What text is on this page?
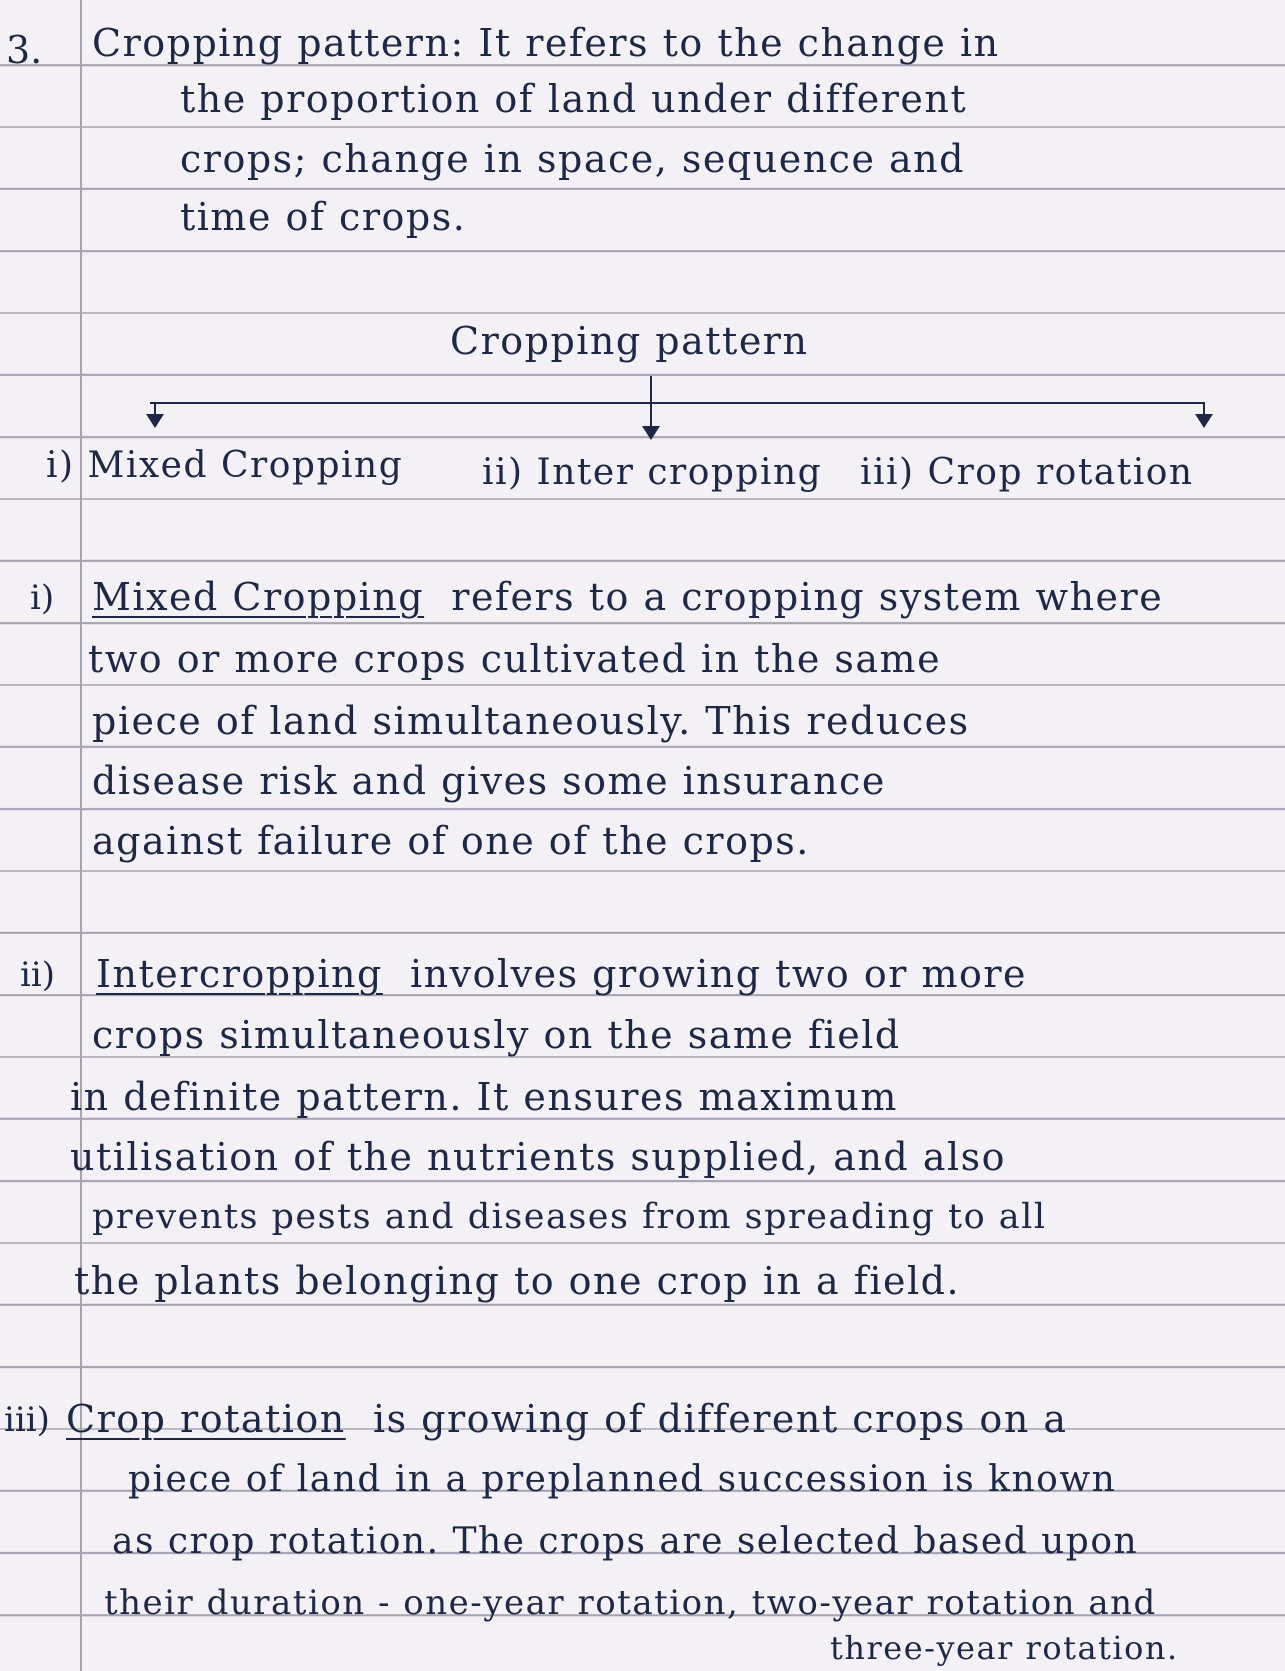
3. Cropping pattern: It refers to the change in
the proportion of land under different
crops; change in space, sequence and
time of crops.
Cropping pattern
i) Mixed Cropping ii) Inter cropping iii) Crop rotation
i) Mixed Cropping refers to a cropping system where
two or more crops cultivated in the same
piece of land simultaneously. This reduces
disease risk and gives some insurance
against failure of one of the crops.
ii) Intercropping involves growing two or more
crops simultaneously on the same field
in definite pattern. It ensures maximum
utilisation of the nutrients supplied, and also
prevents pests and diseases from spreading to all
the plants belonging to one crop in a field.
iii) Crop rotation is growing of different crops on a
piece of land in a preplanned succession is known
as crop rotation. The crops are selected based upon
their duration - one-year rotation, two-year rotation and
three-year rotation.
